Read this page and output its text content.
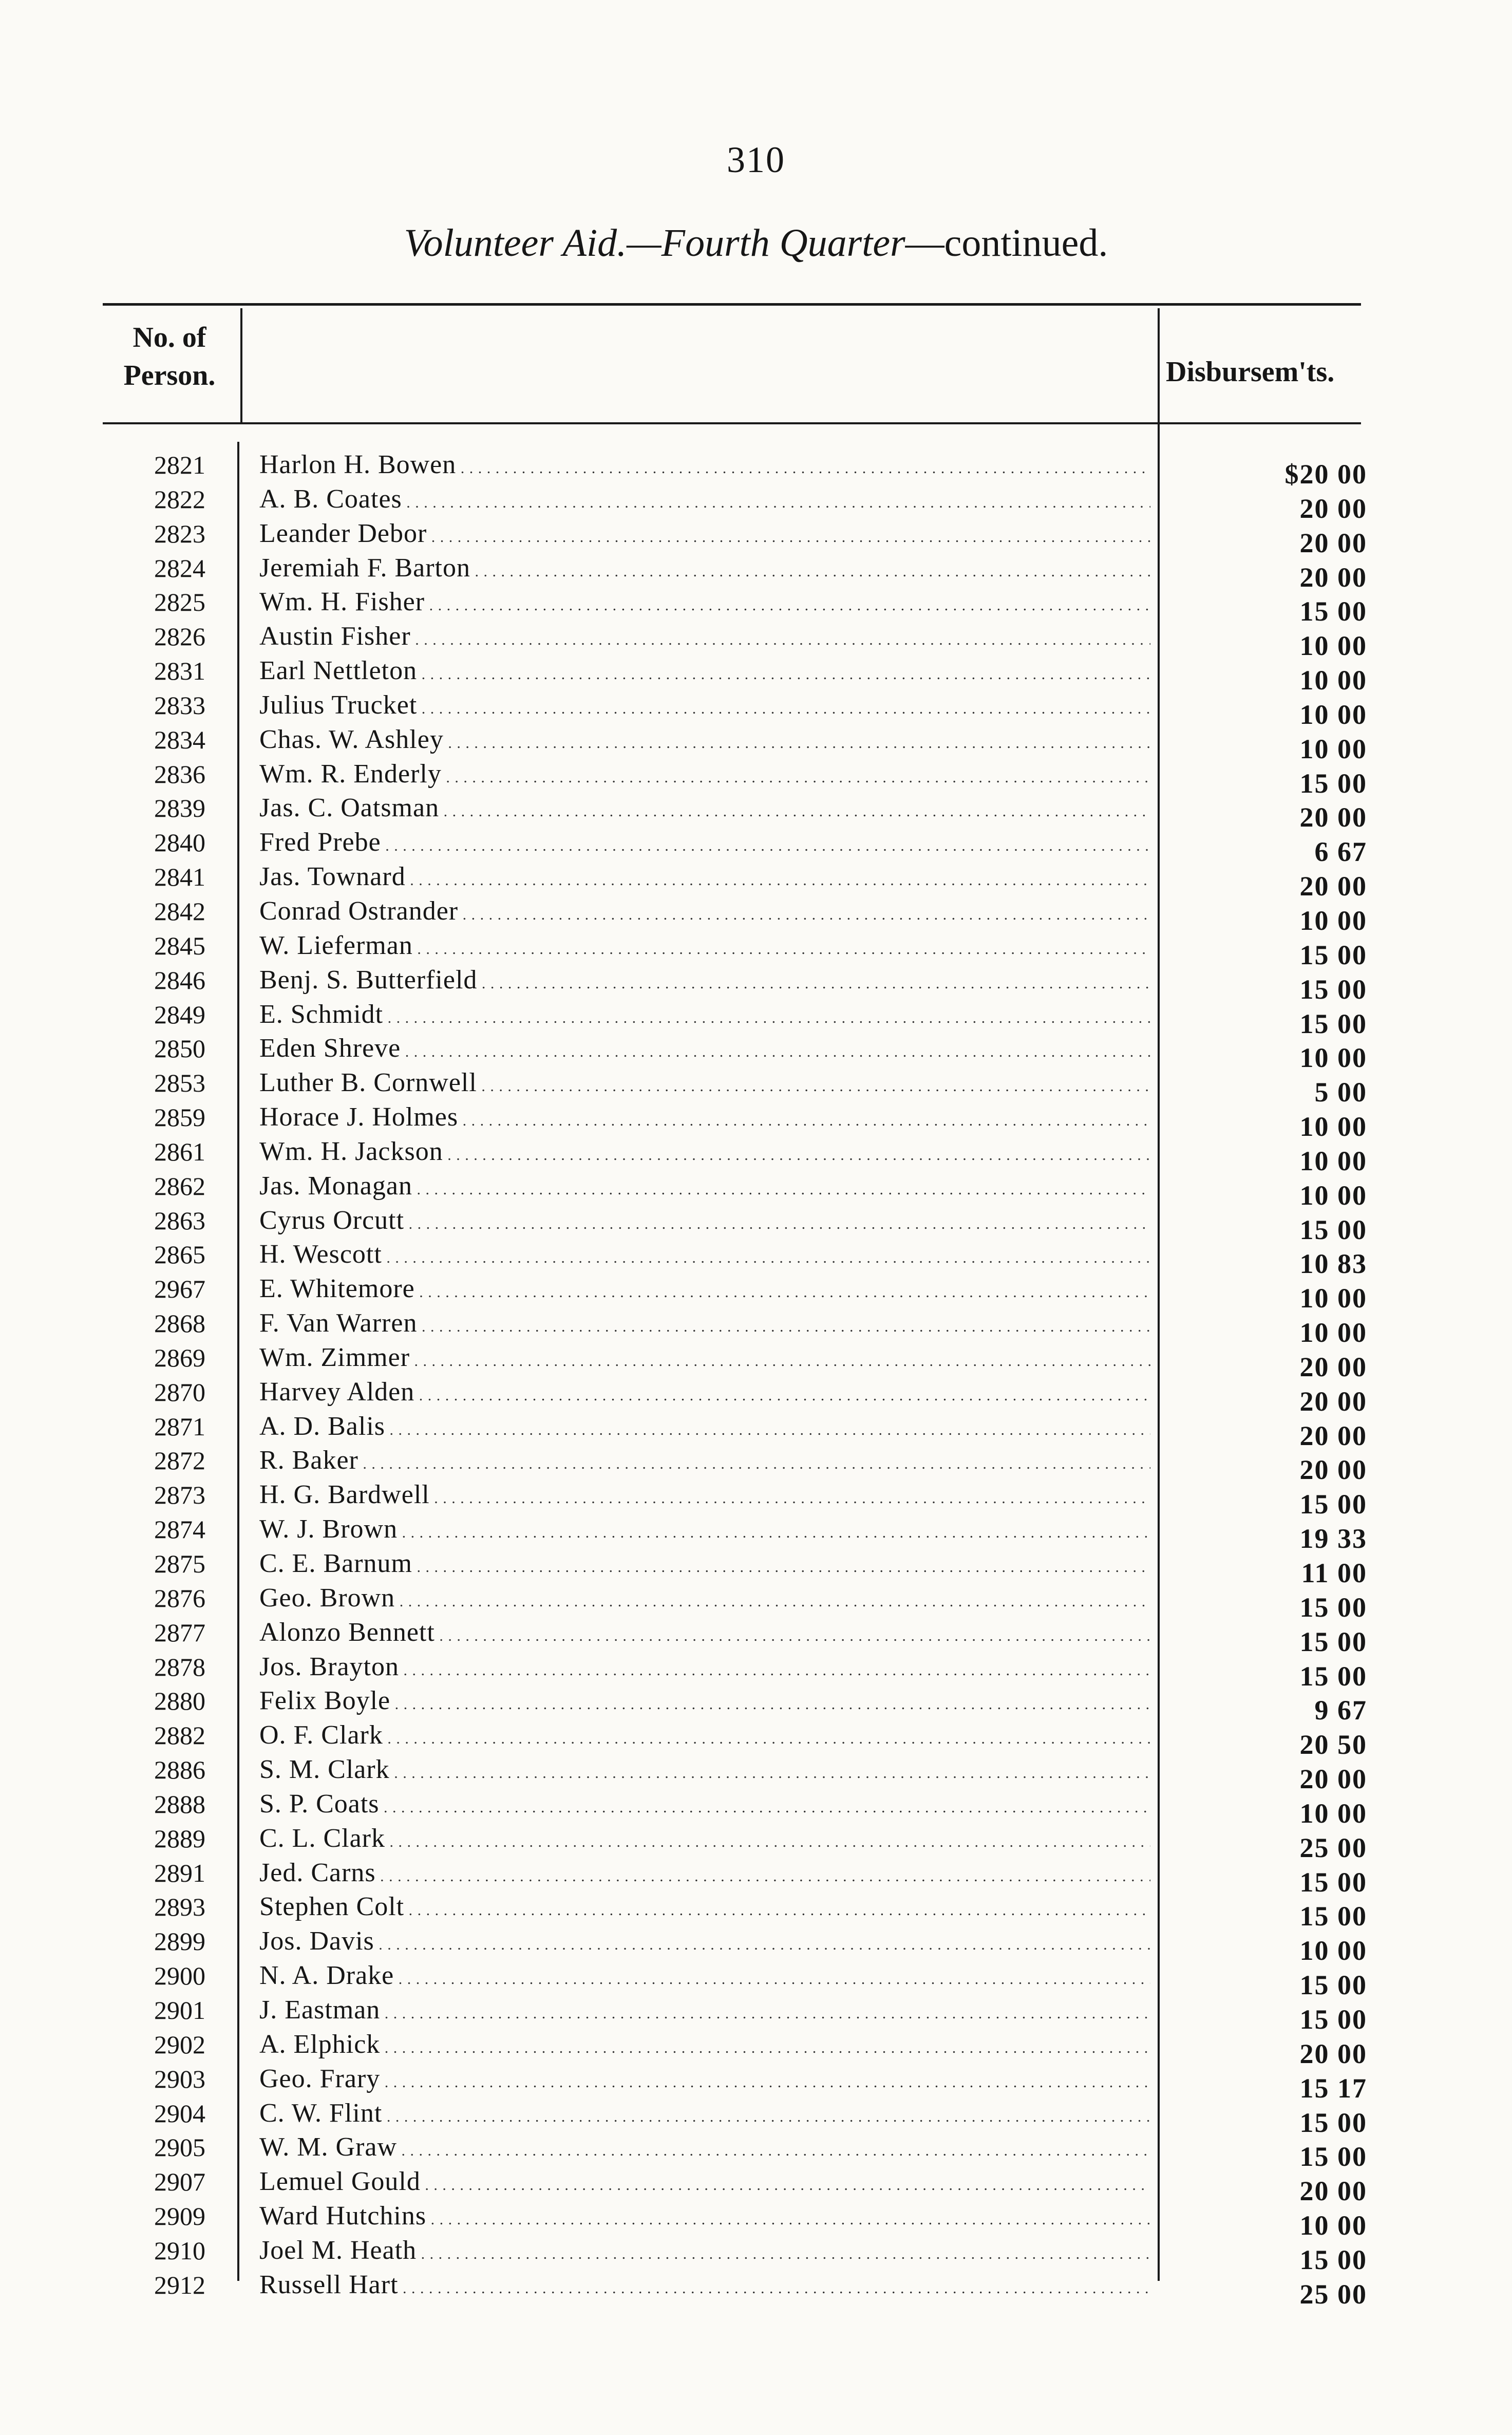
310
Volunteer Aid.—Fourth Quarter—continued.
No. of
Person.	Disbursem'ts.
2821 Harlon H. Bowen . . .	$20 00
2822 A. B. Coates . . .	20 00
2823 Leander Debor . . .	20 00
2824 Jeremiah F. Barton . . .	20 00
2825 Wm. H. Fisher . . .	15 00
2826 Austin Fisher . . .	10 00
2831 Earl Nettleton . . .	10 00
2833 Julius Trucket . . .	10 00
2834 Chas. W. Ashley . . .	10 00
2836 Wm. R. Enderly . . .	15 00
2839 Jas. C. Oatsman . . .	20 00
2840 Fred Prebe . . .	6 67
2841 Jas. Townard . . .	20 00
2842 Conrad Ostrander . . .	10 00
2845 W. Lieferman . . .	15 00
2846 Benj. S. Butterfield . . .	15 00
2849 E. Schmidt . . .	15 00
2850 Eden Shreve . . .	10 00
2853 Luther B. Cornwell . . .	5 00
2859 Horace J. Holmes . . .	10 00
2861 Wm. H. Jackson . . .	10 00
2862 Jas. Monagan . . .	10 00
2863 Cyrus Orcutt . . .	15 00
2865 H. Wescott . . .	10 83
2967 E. Whitemore . . .	10 00
2868 F. Van Warren . . .	10 00
2869 Wm. Zimmer . . .	20 00
2870 Harvey Alden . . .	20 00
2871 A. D. Balis . . .	20 00
2872 R. Baker . . .	20 00
2873 H. G. Bardwell . . .	15 00
2874 W. J. Brown . . .	19 33
2875 C. E. Barnum . . .	11 00
2876 Geo. Brown . . .	15 00
2877 Alonzo Bennett . . .	15 00
2878 Jos. Brayton . . .	15 00
2880 Felix Boyle . . .	9 67
2882 O. F. Clark . . .	20 50
2886 S. M. Clark . . .	20 00
2888 S. P. Coats . . .	10 00
2889 C. L. Clark . . .	25 00
2891 Jed. Carns . . .	15 00
2893 Stephen Colt . . .	15 00
2899 Jos. Davis . . .	10 00
2900 N. A. Drake . . .	15 00
2901 J. Eastman . . .	15 00
2902 A. Elphick . . .	20 00
2903 Geo. Frary . . .	15 17
2904 C. W. Flint . . .	15 00
2905 W. M. Graw . . .	15 00
2907 Lemuel Gould . . .	20 00
2909 Ward Hutchins . . .	10 00
2910 Joel M. Heath . . .	15 00
2912 Russell Hart . . .	25 00
